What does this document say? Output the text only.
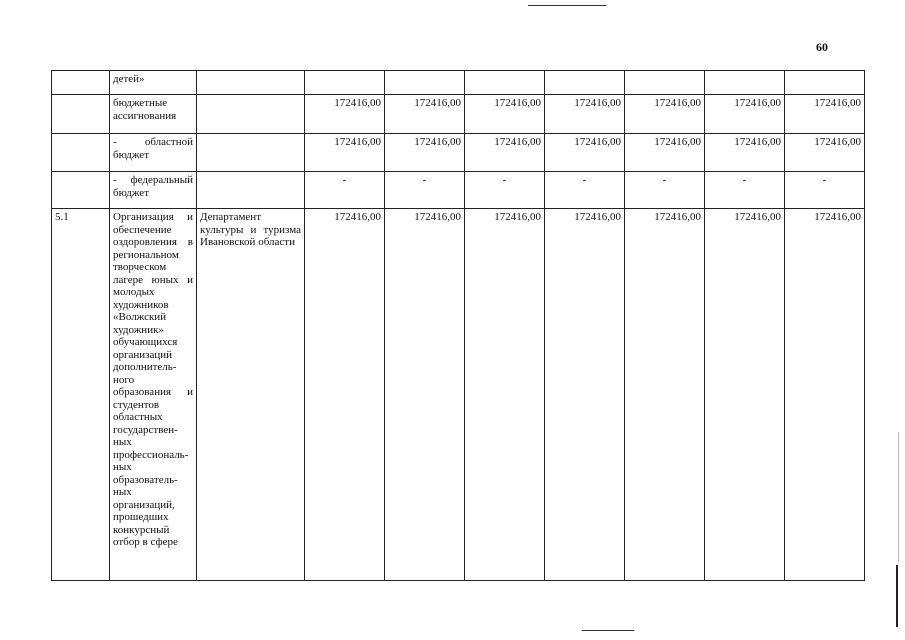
60
	детей»								
	бюджетные ассигнования		172416,00	172416,00	172416,00	172416,00	172416,00	172416,00	172416,00
	- областной бюджет		172416,00	172416,00	172416,00	172416,00	172416,00	172416,00	172416,00
	- федеральный бюджет		-	-	-	-	-	-	-
5.1	Организация и обеспечение оздоровления в региональном творческом лагере юных и молодых художников «Волжский художник» обучающихся организаций дополнитель- ного образования и студентов областных государствен- ных профессиональ- ных образователь- ных организаций, прошедших конкурсный отбор в сфере	Департамент культуры и туризма Ивановской области	172416,00	172416,00	172416,00	172416,00	172416,00	172416,00	172416,00
